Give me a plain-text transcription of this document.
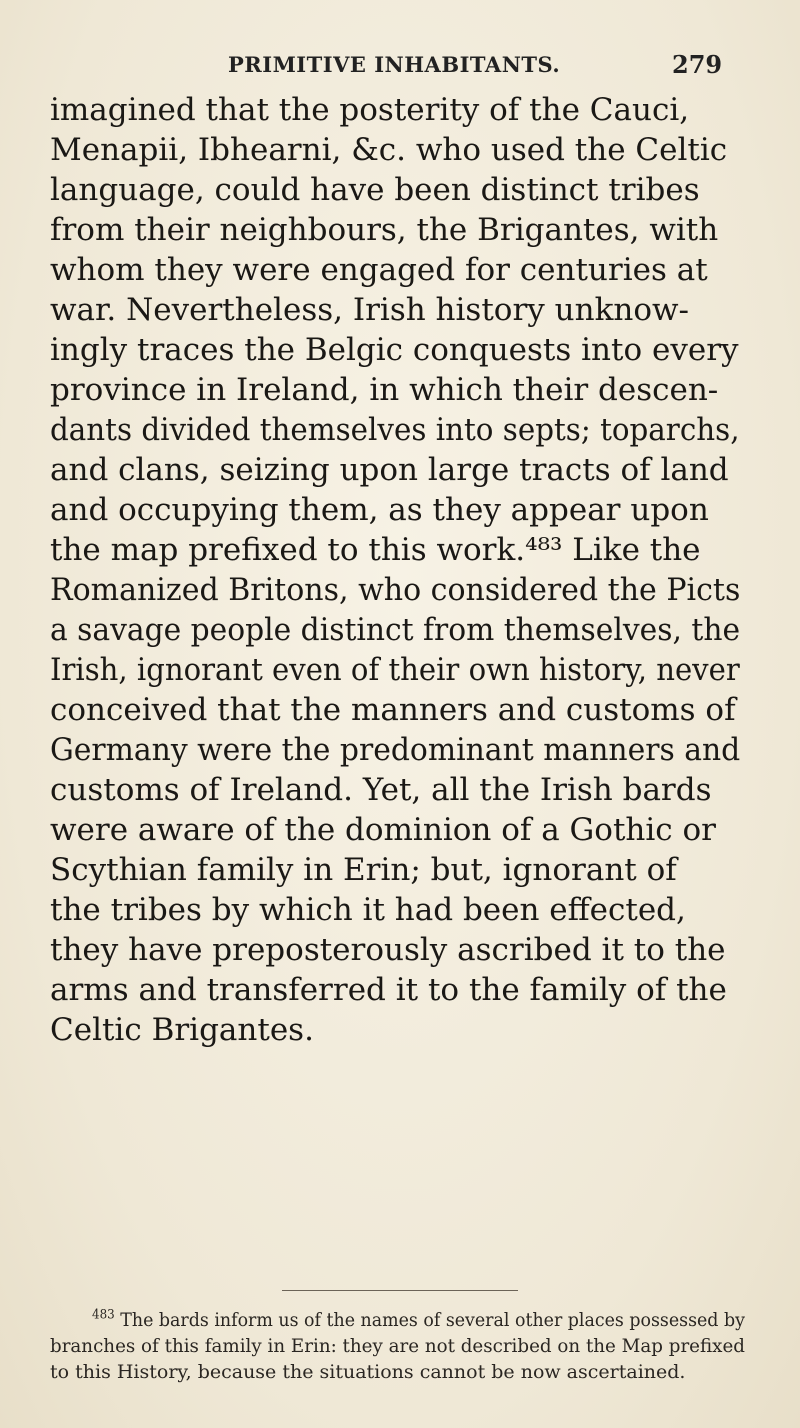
PRIMITIVE INHABITANTS.	279
imagined that the posterity of the Cauci,
Menapii, Ibhearni, &c. who used the Celtic
language, could have been distinct tribes
from their neighbours, the Brigantes, with
whom they were engaged for centuries at
war. Nevertheless, Irish history unknow-
ingly traces the Belgic conquests into every
province in Ireland, in which their descen-
dants divided themselves into septs; toparchs,
and clans, seizing upon large tracts of land
and occupying them, as they appear upon
the map prefixed to this work.⁴⁸³ Like the
Romanized Britons, who considered the Picts
a savage people distinct from themselves, the
Irish, ignorant even of their own history, never
conceived that the manners and customs of
Germany were the predominant manners and
customs of Ireland. Yet, all the Irish bards
were aware of the dominion of a Gothic or
Scythian family in Erin; but, ignorant of
the tribes by which it had been effected,
they have preposterously ascribed it to the
arms and transferred it to the family of the
Celtic Brigantes.
$^{483}$ The bards inform us of the names of several other places possessed by
branches of this family in Erin: they are not described on the Map prefixed
to this History, because the situations cannot be now ascertained.
